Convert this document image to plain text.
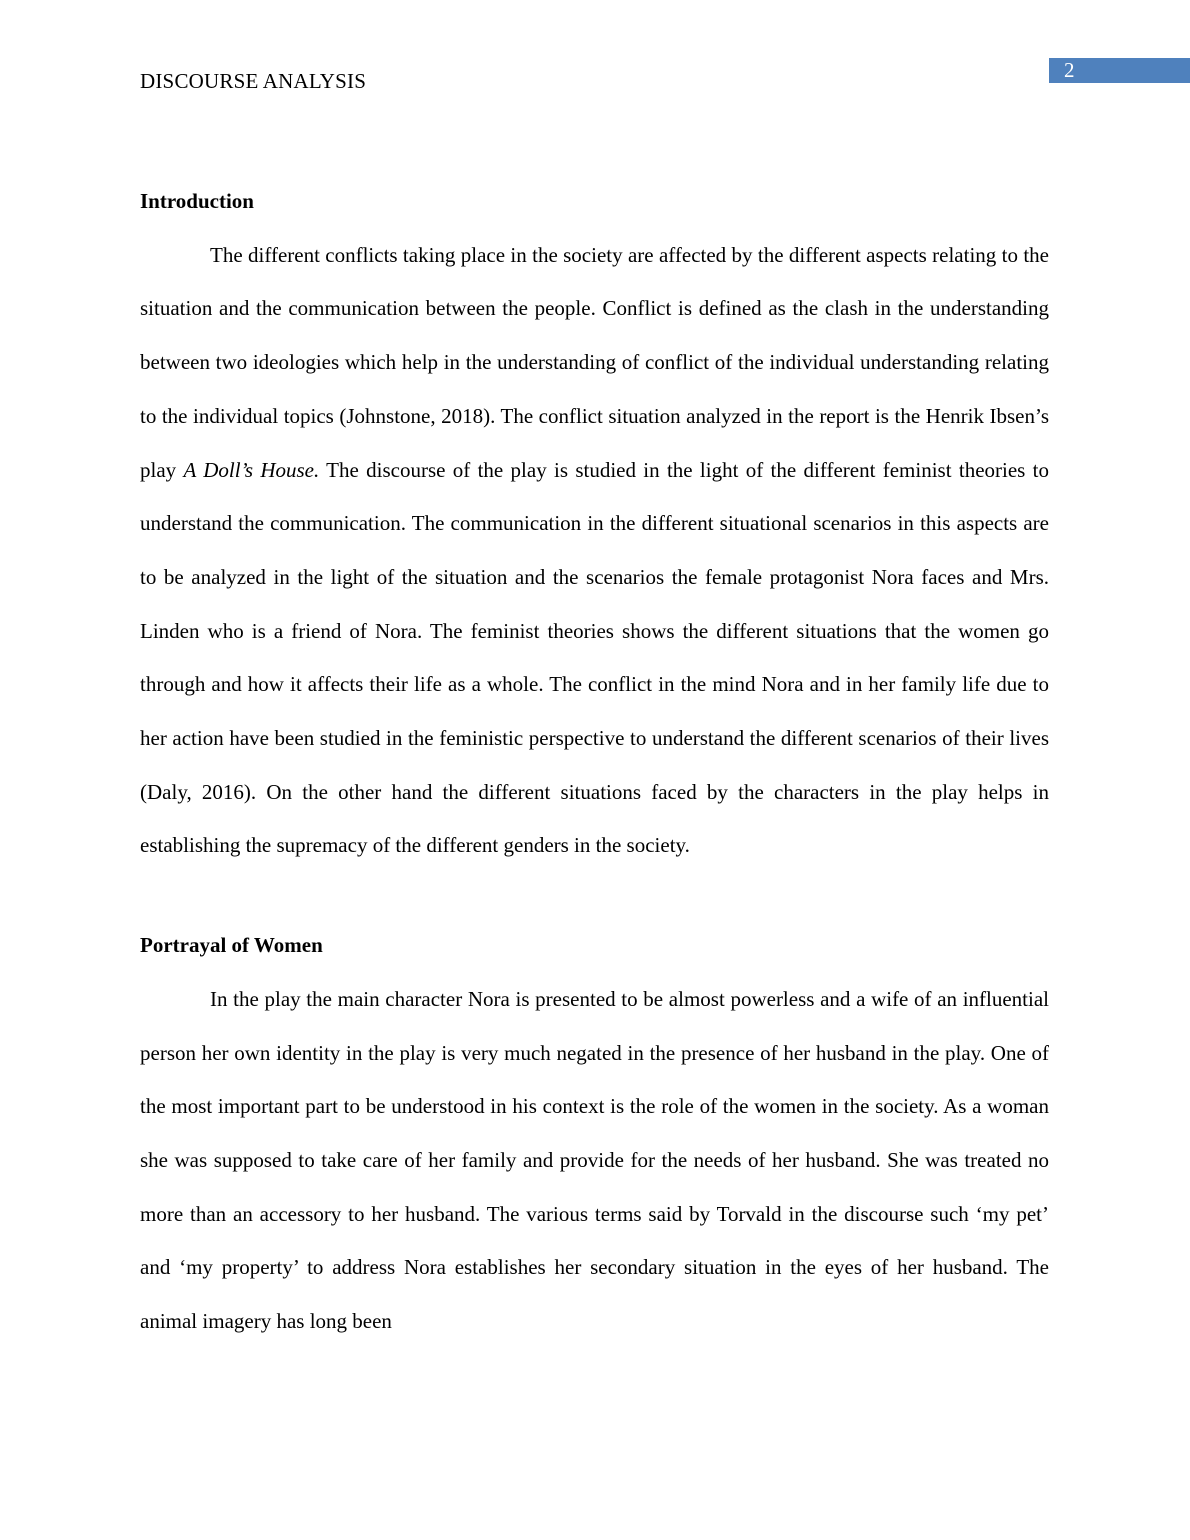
DISCOURSE ANALYSIS	2
Introduction

The different conflicts taking place in the society are affected by the different aspects relating to the situation and the communication between the people. Conflict is defined as the clash in the understanding between two ideologies which help in the understanding of conflict of the individual understanding relating to the individual topics (Johnstone, 2018). The conflict situation analyzed in the report is the Henrik Ibsen’s play A Doll’s House. The discourse of the play is studied in the light of the different feminist theories to understand the communication. The communication in the different situational scenarios in this aspects are to be analyzed in the light of the situation and the scenarios the female protagonist Nora faces and Mrs. Linden who is a friend of Nora. The feminist theories shows the different situations that the women go through and how it affects their life as a whole. The conflict in the mind Nora and in her family life due to her action have been studied in the feministic perspective to understand the different scenarios of their lives (Daly, 2016). On the other hand the different situations faced by the characters in the play helps in establishing the supremacy of the different genders in the society.

Portrayal of Women

In the play the main character Nora is presented to be almost powerless and a wife of an influential person her own identity in the play is very much negated in the presence of her husband in the play. One of the most important part to be understood in his context is the role of the women in the society. As a woman she was supposed to take care of her family and provide for the needs of her husband. She was treated no more than an accessory to her husband. The various terms said by Torvald in the discourse such ‘my pet’ and ‘my property’ to address Nora establishes her secondary situation in the eyes of her husband. The animal imagery has long been
